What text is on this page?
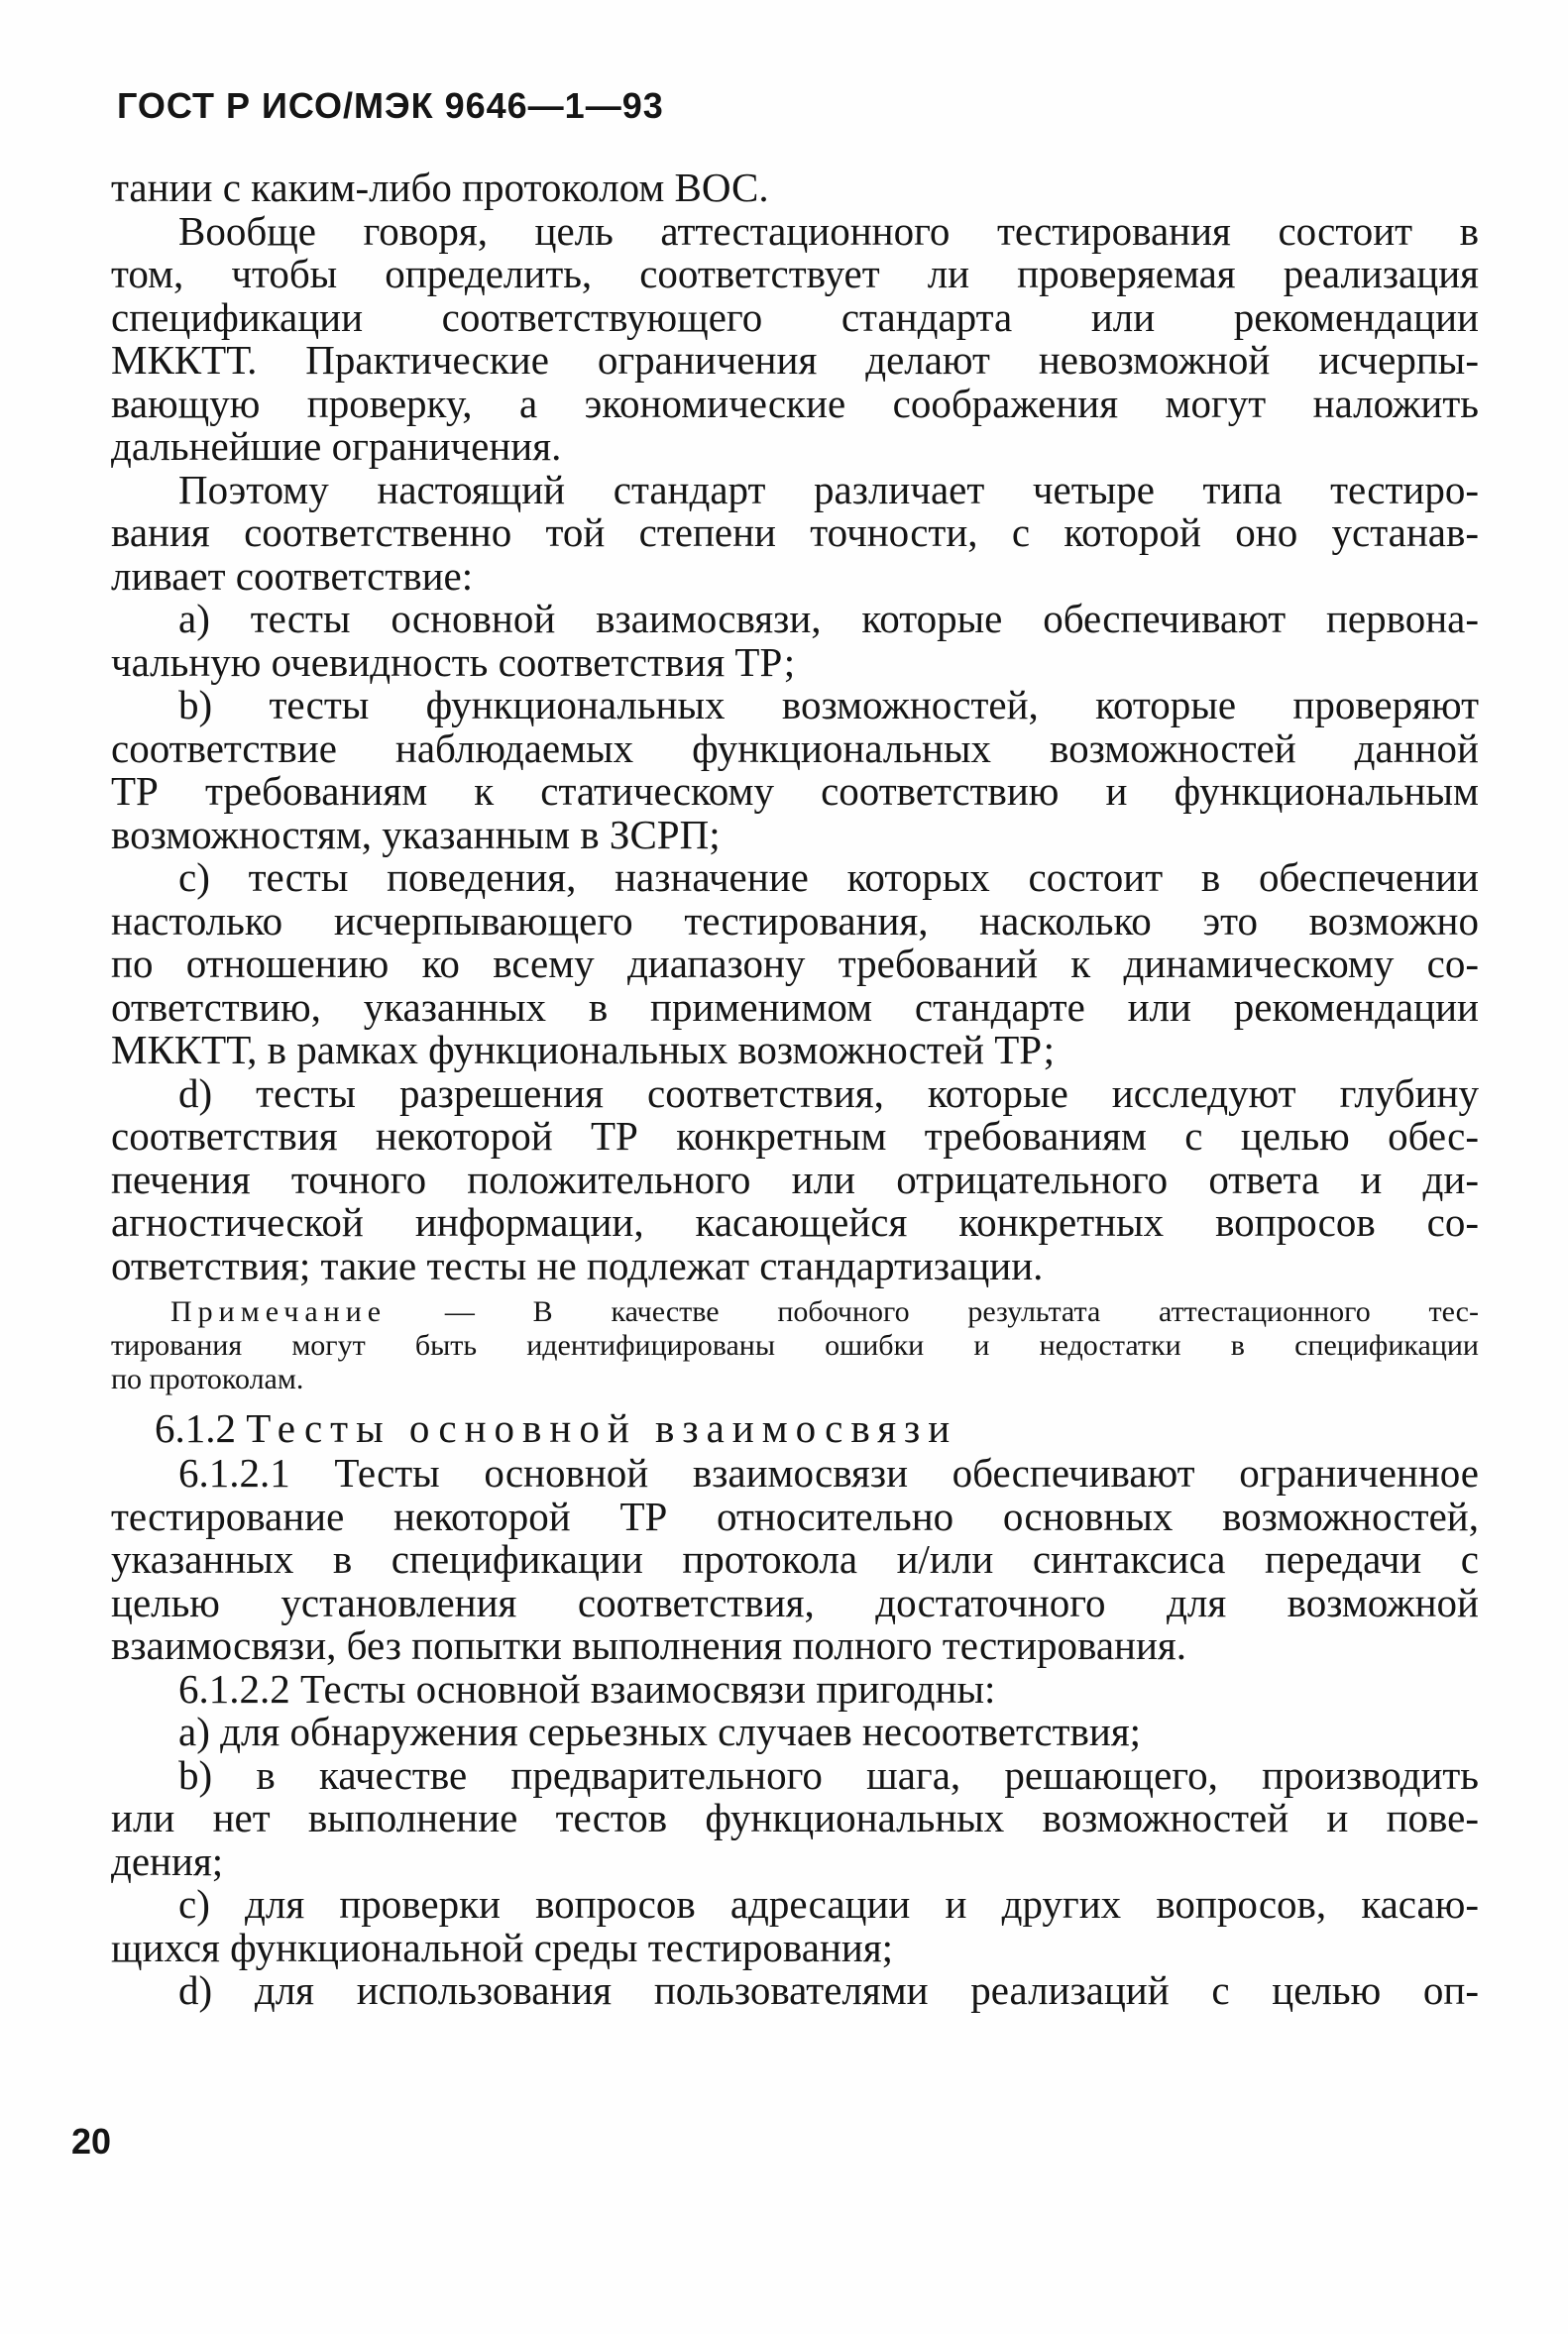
ГОСТ Р ИСО/МЭК 9646—1—93
тании с каким-либо протоколом ВОС.
Вообще говоря, цель аттестационного тестирования состоит в
том, чтобы определить, соответствует ли проверяемая реализация
спецификации соответствующего стандарта или рекомендации
МККТТ. Практические ограничения делают невозможной исчерпы-
вающую проверку, а экономические соображения могут наложить
дальнейшие ограничения.
Поэтому настоящий стандарт различает четыре типа тестиро-
вания соответственно той степени точности, с которой оно устанав-
ливает соответствие:
а) тесты основной взаимосвязи, которые обеспечивают первона-
чальную очевидность соответствия ТР;
b) тесты функциональных возможностей, которые проверяют
соответствие наблюдаемых функциональных возможностей данной
ТР требованиям к статическому соответствию и функциональным
возможностям, указанным в ЗСРП;
с) тесты поведения, назначение которых состоит в обеспечении
настолько исчерпывающего тестирования, насколько это возможно
по отношению ко всему диапазону требований к динамическому со-
ответствию, указанных в применимом стандарте или рекомендации
МККТТ, в рамках функциональных возможностей ТР;
d) тесты разрешения соответствия, которые исследуют глубину
соответствия некоторой ТР конкретным требованиям с целью обес-
печения точного положительного или отрицательного ответа и ди-
агностической информации, касающейся конкретных вопросов со-
ответствия; такие тесты не подлежат стандартизации.
Примечание — В качестве побочного результата аттестационного тес-
тирования могут быть идентифицированы ошибки и недостатки в спецификации
по протоколам.
6.1.2 Тесты основной взаимосвязи
6.1.2.1 Тесты основной взаимосвязи обеспечивают ограниченное
тестирование некоторой ТР относительно основных возможностей,
указанных в спецификации протокола и/или синтаксиса передачи с
целью установления соответствия, достаточного для возможной
взаимосвязи, без попытки выполнения полного тестирования.
6.1.2.2 Тесты основной взаимосвязи пригодны:
а) для обнаружения серьезных случаев несоответствия;
b) в качестве предварительного шага, решающего, производить
или нет выполнение тестов функциональных возможностей и пове-
дения;
с) для проверки вопросов адресации и других вопросов, касаю-
щихся функциональной среды тестирования;
d) для использования пользователями реализаций с целью оп-
20
